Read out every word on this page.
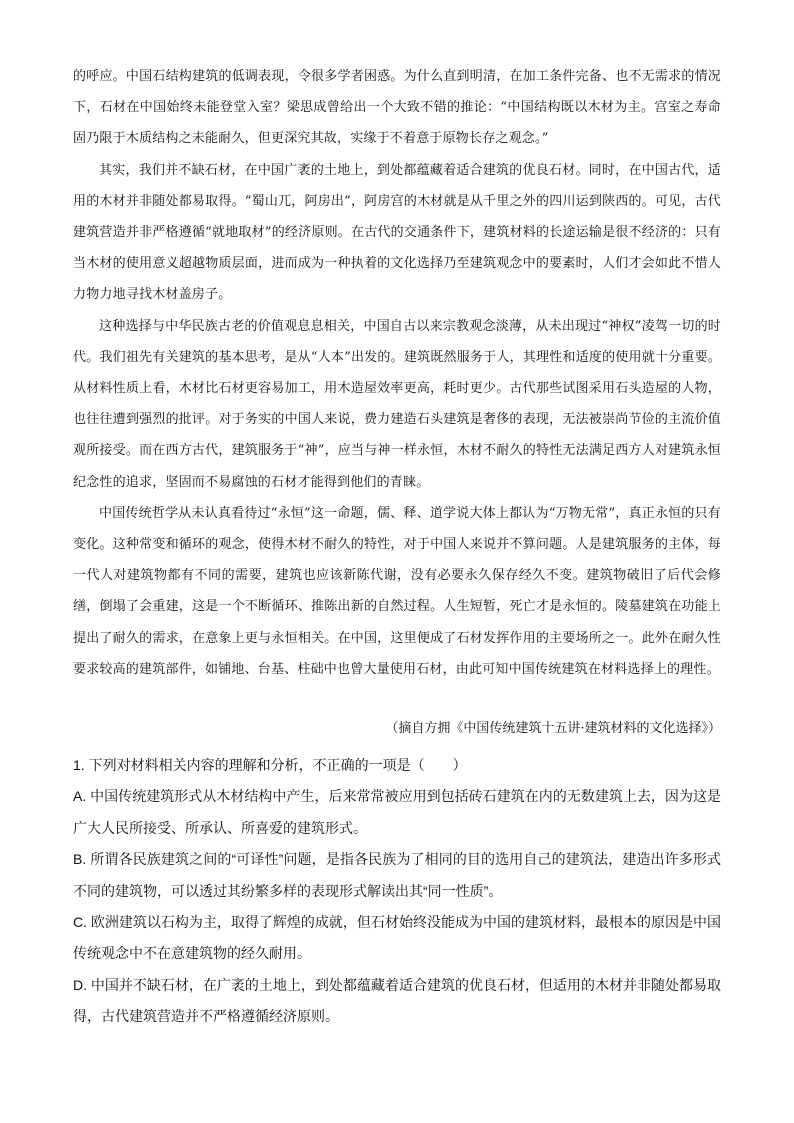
的呼应。中国石结构建筑的低调表现，令很多学者困惑。为什么直到明清，在加工条件完备、也不无需求的情况下，石材在中国始终未能登堂入室？梁思成曾给出一个大致不错的推论：“中国结构既以木材为主。宫室之寿命固乃限于木质结构之未能耐久，但更深究其故，实缘于不着意于原物长存之观念。”

其实，我们并不缺石材，在中国广袤的土地上，到处都蕴藏着适合建筑的优良石材。同时，在中国古代，适用的木材并非随处都易取得。“蜀山兀，阿房出”，阿房宫的木材就是从千里之外的四川运到陕西的。可见，古代建筑营造并非严格遵循“就地取材”的经济原则。在古代的交通条件下，建筑材料的长途运输是很不经济的：只有当木材的使用意义超越物质层面，进而成为一种执着的文化选择乃至建筑观念中的要素时，人们才会如此不惜人力物力地寻找木材盖房子。

这种选择与中华民族古老的价值观息息相关，中国自古以来宗教观念淡薄，从未出现过“神权”凌驾一切的时代。我们祖先有关建筑的基本思考，是从“人本”出发的。建筑既然服务于人，其理性和适度的使用就十分重要。从材料性质上看，木材比石材更容易加工，用木造屋效率更高，耗时更少。古代那些试图采用石头造屋的人物，也往往遭到强烈的批评。对于务实的中国人来说，费力建造石头建筑是奢侈的表现，无法被崇尚节俭的主流价值观所接受。而在西方古代，建筑服务于“神”，应当与神一样永恒，木材不耐久的特性无法满足西方人对建筑永恒纪念性的追求，坚固而不易腐蚀的石材才能得到他们的青睐。

中国传统哲学从未认真看待过“永恒”这一命题，儒、释、道学说大体上都认为“万物无常”，真正永恒的只有变化。这种常变和循环的观念，使得木材不耐久的特性，对于中国人来说并不算问题。人是建筑服务的主体，每一代人对建筑物都有不同的需要，建筑也应该新陈代谢，没有必要永久保存经久不变。建筑物破旧了后代会修缮，倒塌了会重建，这是一个不断循环、推陈出新的自然过程。人生短暂，死亡才是永恒的。陵墓建筑在功能上提出了耐久的需求，在意象上更与永恒相关。在中国，这里便成了石材发挥作用的主要场所之一。此外在耐久性要求较高的建筑部件，如铺地、台基、柱础中也曾大量使用石材，由此可知中国传统建筑在材料选择上的理性。

（摘自方拥《中国传统建筑十五讲·建筑材料的文化选择》）

1. 下列对材料相关内容的理解和分析，不正确的一项是（　　）

A. 中国传统建筑形式从木材结构中产生，后来常常被应用到包括砖石建筑在内的无数建筑上去，因为这是广大人民所接受、所承认、所喜爱的建筑形式。

B. 所谓各民族建筑之间的“可译性”问题，是指各民族为了相同的目的选用自己的建筑法，建造出许多形式不同的建筑物，可以透过其纷繁多样的表现形式解读出其“同一性质”。

C. 欧洲建筑以石构为主，取得了辉煌的成就，但石材始终没能成为中国的建筑材料，最根本的原因是中国传统观念中不在意建筑物的经久耐用。

D. 中国并不缺石材，在广袤的土地上，到处都蕴藏着适合建筑的优良石材，但适用的木材并非随处都易取得，古代建筑营造并不严格遵循经济原则。
